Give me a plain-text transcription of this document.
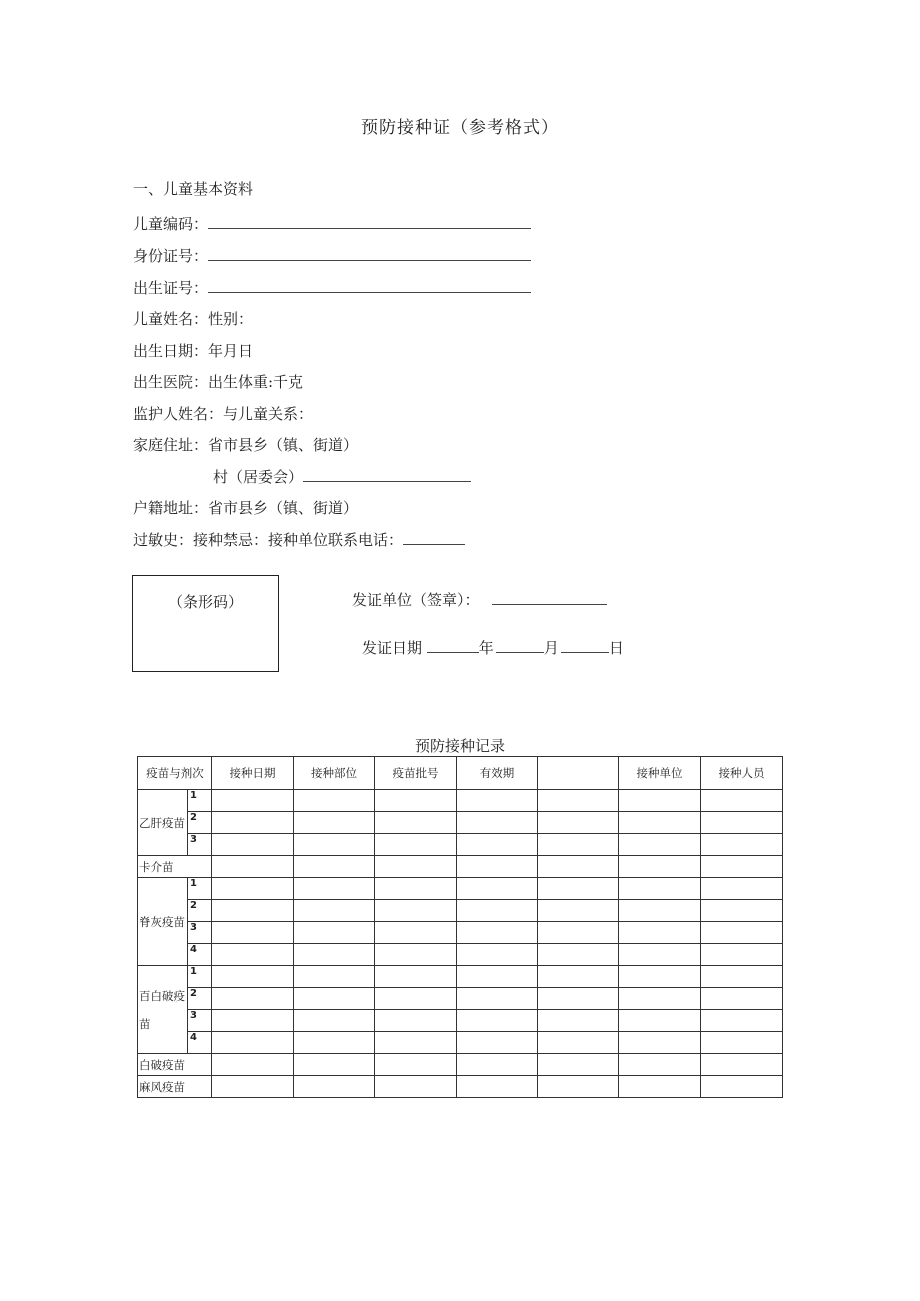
预防接种证（参考格式）
一、儿童基本资料
儿童编码：
身份证号：
出生证号：
儿童姓名：性别：
出生日期：年月日
出生医院：出生体重:千克
监护人姓名：与儿童关系：
家庭住址：省市县乡（镇、街道）
村（居委会）
户籍地址：省市县乡（镇、街道）
过敏史：接种禁忌：接种单位联系电话：
（条形码）	发证单位（签章）：
发证日期	年	月	日
预防接种记录
疫苗与剂次		接种日期	接种部位	疫苗批号	有效期		接种单位	接种人员
乙肝疫苗	1							
	2							
	3							
卡介苗								
脊灰疫苗	1							
	2							
	3							
	4							
百白破疫苗	1							
	2							
	3							
	4							
白破疫苗								
麻风疫苗								
